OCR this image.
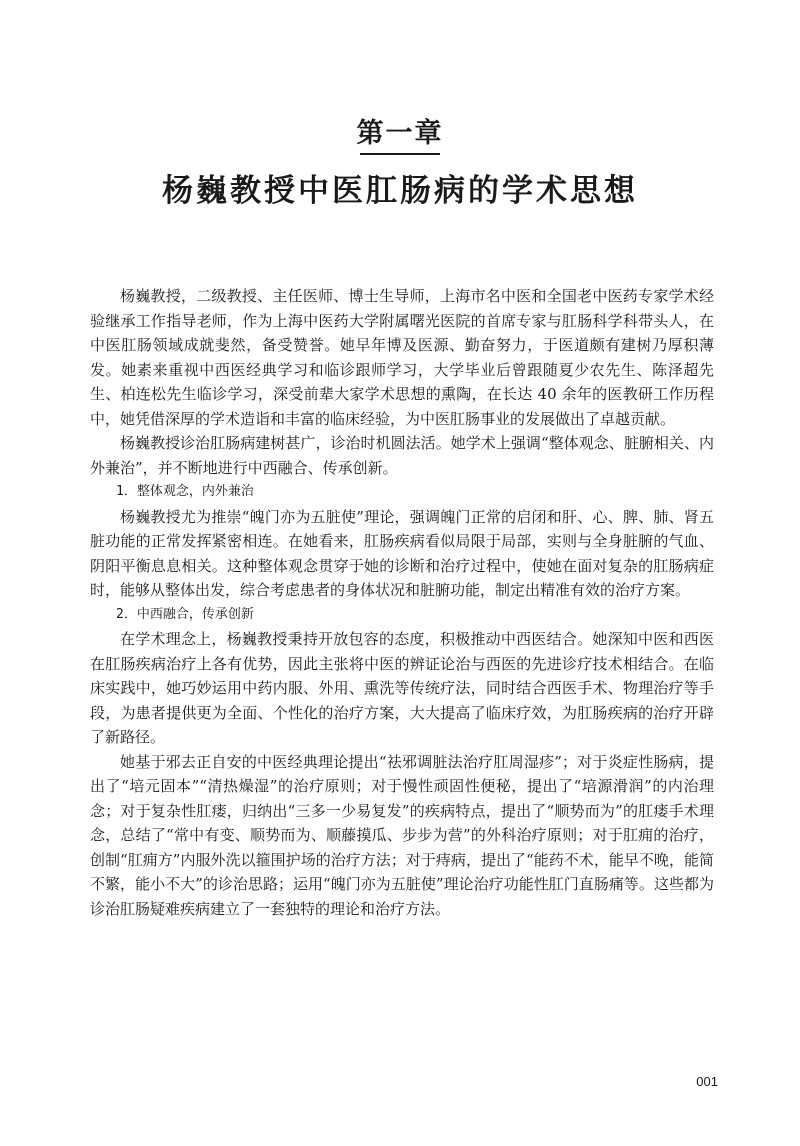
第一章
杨巍教授中医肛肠病的学术思想

杨巍教授，二级教授、主任医师、博士生导师，上海市名中医和全国老中医药专家学术经验继承工作指导老师，作为上海中医药大学附属曙光医院的首席专家与肛肠科学科带头人，在中医肛肠领域成就斐然，备受赞誉。她早年博及医源、勤奋努力，于医道颇有建树乃厚积薄发。她素来重视中西医经典学习和临诊跟师学习，大学毕业后曾跟随夏少农先生、陈泽超先生、柏连松先生临诊学习，深受前辈大家学术思想的熏陶，在长达 40 余年的医教研工作历程中，她凭借深厚的学术造诣和丰富的临床经验，为中医肛肠事业的发展做出了卓越贡献。

杨巍教授诊治肛肠病建树甚广，诊治时机圆法活。她学术上强调“整体观念、脏腑相关、内外兼治”，并不断地进行中西融合、传承创新。

1．整体观念，内外兼治

杨巍教授尤为推崇“魄门亦为五脏使”理论，强调魄门正常的启闭和肝、心、脾、肺、肾五脏功能的正常发挥紧密相连。在她看来，肛肠疾病看似局限于局部，实则与全身脏腑的气血、阴阳平衡息息相关。这种整体观念贯穿于她的诊断和治疗过程中，使她在面对复杂的肛肠病症时，能够从整体出发，综合考虑患者的身体状况和脏腑功能，制定出精准有效的治疗方案。

2．中西融合，传承创新

在学术理念上，杨巍教授秉持开放包容的态度，积极推动中西医结合。她深知中医和西医在肛肠疾病治疗上各有优势，因此主张将中医的辨证论治与西医的先进诊疗技术相结合。在临床实践中，她巧妙运用中药内服、外用、熏洗等传统疗法，同时结合西医手术、物理治疗等手段，为患者提供更为全面、个性化的治疗方案，大大提高了临床疗效，为肛肠疾病的治疗开辟了新路径。

她基于邪去正自安的中医经典理论提出“祛邪调脏法治疗肛周湿疹”；对于炎症性肠病，提出了“培元固本”“清热燥湿”的治疗原则；对于慢性顽固性便秘，提出了“培源滑润”的内治理念；对于复杂性肛瘘，归纳出“三多一少易复发”的疾病特点，提出了“顺势而为”的肛瘘手术理念，总结了“常中有变、顺势而为、顺藤摸瓜、步步为营”的外科治疗原则；对于肛痈的治疗，创制“肛痈方”内服外洗以箍围护场的治疗方法；对于痔病，提出了“能药不术，能早不晚，能简不繁，能小不大”的诊治思路；运用“魄门亦为五脏使”理论治疗功能性肛门直肠痛等。这些都为诊治肛肠疑难疾病建立了一套独特的理论和治疗方法。

001
